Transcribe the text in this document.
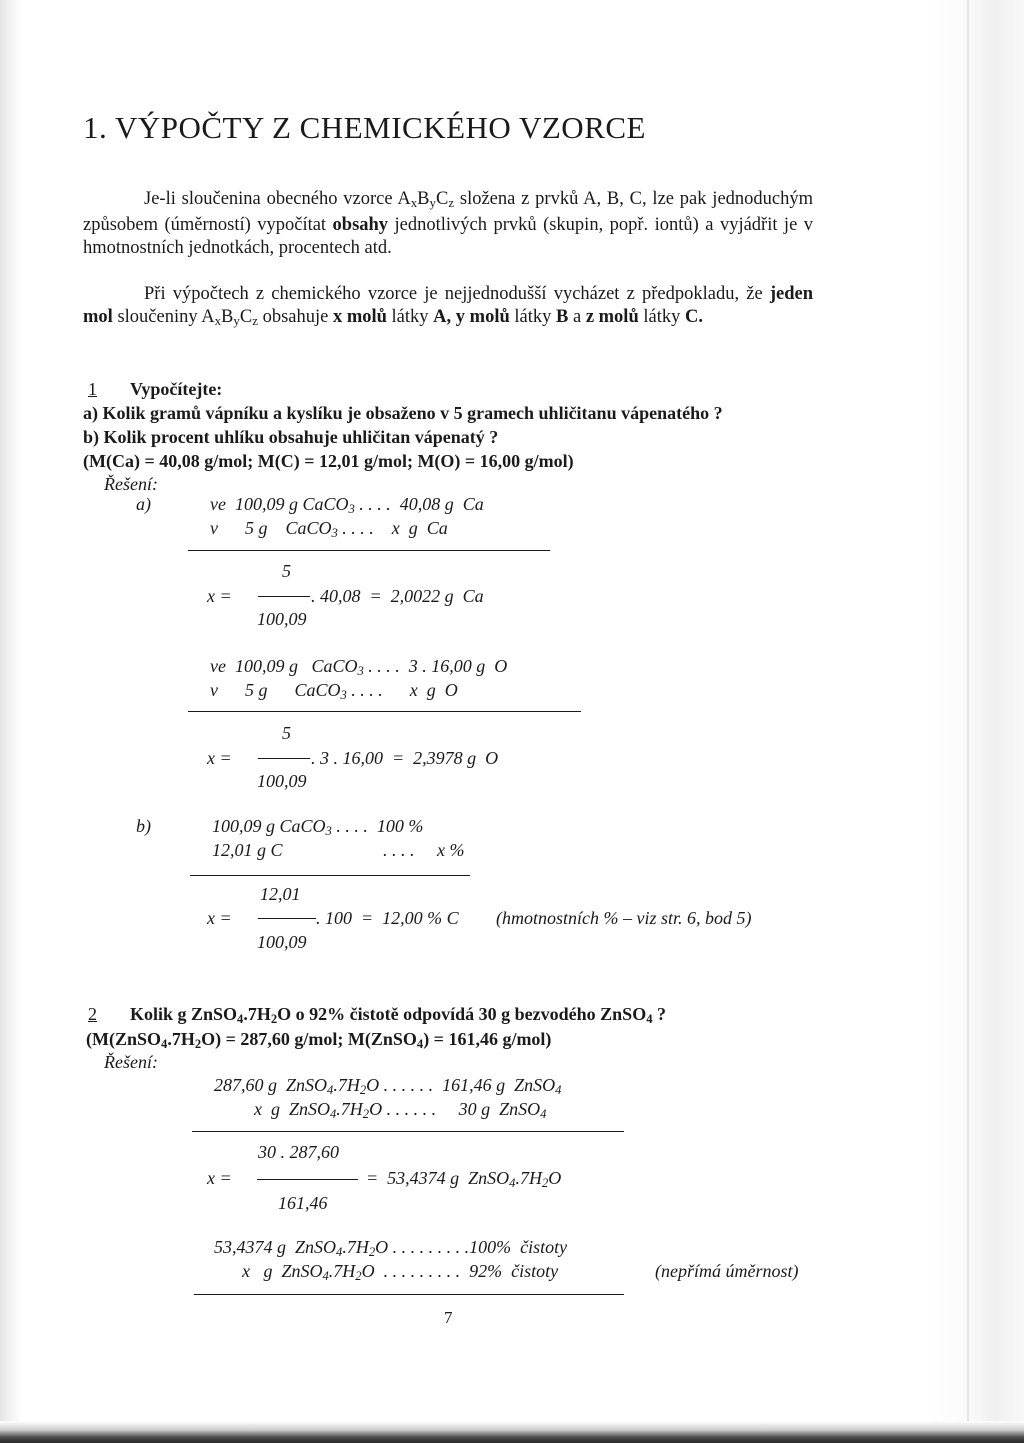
1. VÝPOČTY Z CHEMICKÉHO VZORCE
Je-li sloučenina obecného vzorce $A_xB_yC_z$ složena z prvků A, B, C, lze pak jednoduchým způsobem (úměrností) vypočítat obsahy jednotlivých prvků (skupin, popř. iontů) a vyjádřit je v hmotnostních jednotkách, procentech atd.
Při výpočtech z chemického vzorce je nejjednodušší vycházet z předpokladu, že jeden mol sloučeniny $A_xB_yC_z$ obsahuje x molů látky A, y molů látky B a z molů látky C.
1 Vypočítejte:
a) Kolik gramů vápníku a kyslíku je obsaženo v 5 gramech uhličitanu vápenatého ?
b) Kolik procent uhlíku obsahuje uhličitan vápenatý ?
(M(Ca) = 40,08 g/mol; M(C) = 12,01 g/mol; M(O) = 16,00 g/mol)
Řešení:
a)	ve  100,09 g CaCO$_3$ . . . .  40,08 g  Ca
v      5 g    CaCO$_3$ . . . .    x  g  Ca
5
x =	. 40,08  =  2,0022 g  Ca
100,09
ve  100,09 g   CaCO$_3$ . . . .  3 . 16,00 g  O
v      5 g      CaCO$_3$ . . . .      x  g  O
5
x =	. 3 . 16,00  =  2,3978 g  O
100,09
b)	100,09 g CaCO$_3$ . . . .  100 %
12,01 g C	. . . .     x %
12,01
x =	. 100  =  12,00 % C (hmotnostních % – viz str. 6, bod 5)
100,09
2 Kolik g $ZnSO_4.7H_2O$ o 92% čistotě odpovídá 30 g bezvodého ZnSO$_4$ ?
($M(ZnSO_4.7H_2O) = 287,60$ g/mol; M(ZnSO$_4$) = 161,46 g/mol)
Řešení:
287,60 g  $ZnSO_4.7H_2O$ . . . . . .  161,46 g  ZnSO$_4$
x  g  $ZnSO_4.7H_2O$ . . . . . .     30 g  ZnSO$_4$
30 . 287,60
x =	=  53,4374 g  $ZnSO_4.7H_2O$
161,46
53,4374 g  $ZnSO_4.7H_2O$ . . . . . . . . .100%  čistoty
x   g  $ZnSO_4.7H_2O$  . . . . . . . . .  92%  čistoty	(nepřímá úměrnost)
7
